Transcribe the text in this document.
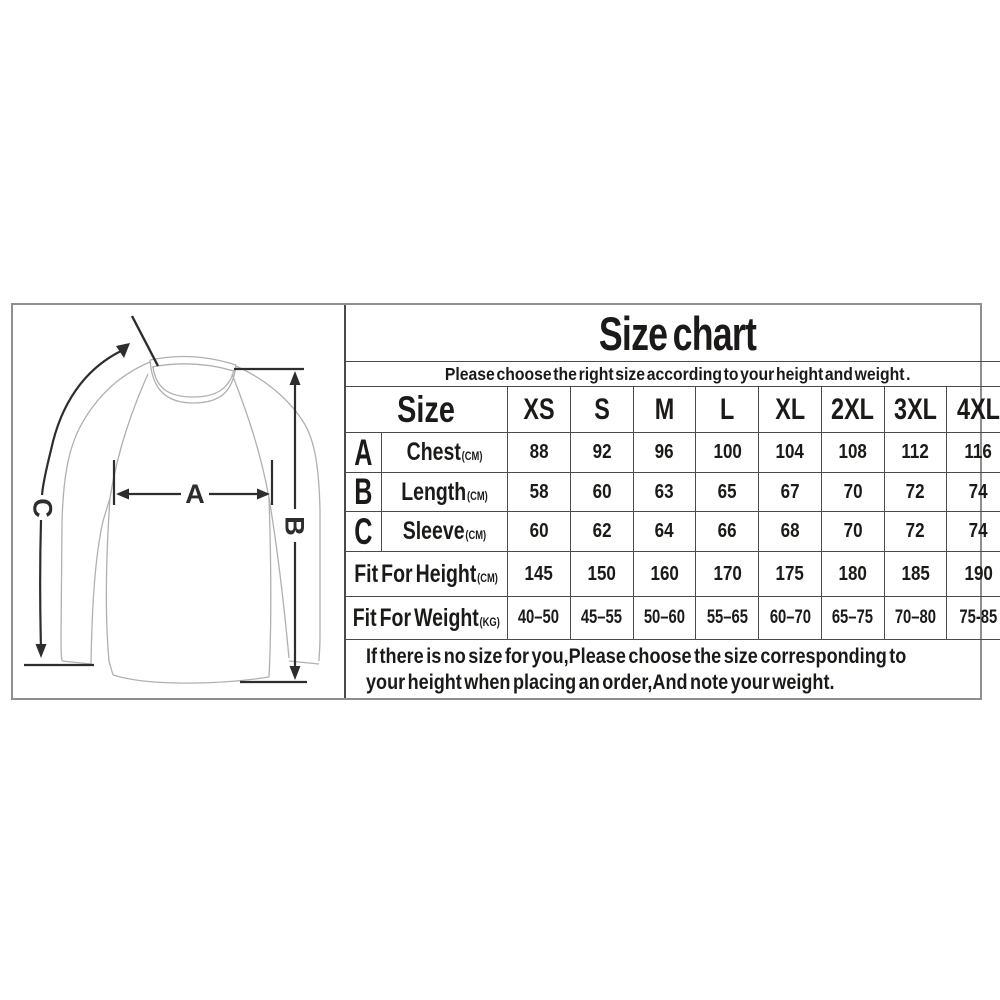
A
B
C
Size chart
Please choose the right size according to your height and weight .
Size XS S M L XL 2XL 3XL 4XL
A Chest(CM) 88 92 96 100 104 108 112 116
B Length(CM) 58 60 63 65 67 70 72 74
C Sleeve(CM) 60 62 64 66 68 70 72 74
Fit For Height(CM) 145 150 160 170 175 180 185 190
Fit For Weight(KG) 40–50 45–55 50–60 55–65 60–70 65–75 70–80 75-85
If there is no size for you,Please choose the size corresponding to
your height when placing an order,And note your weight.
